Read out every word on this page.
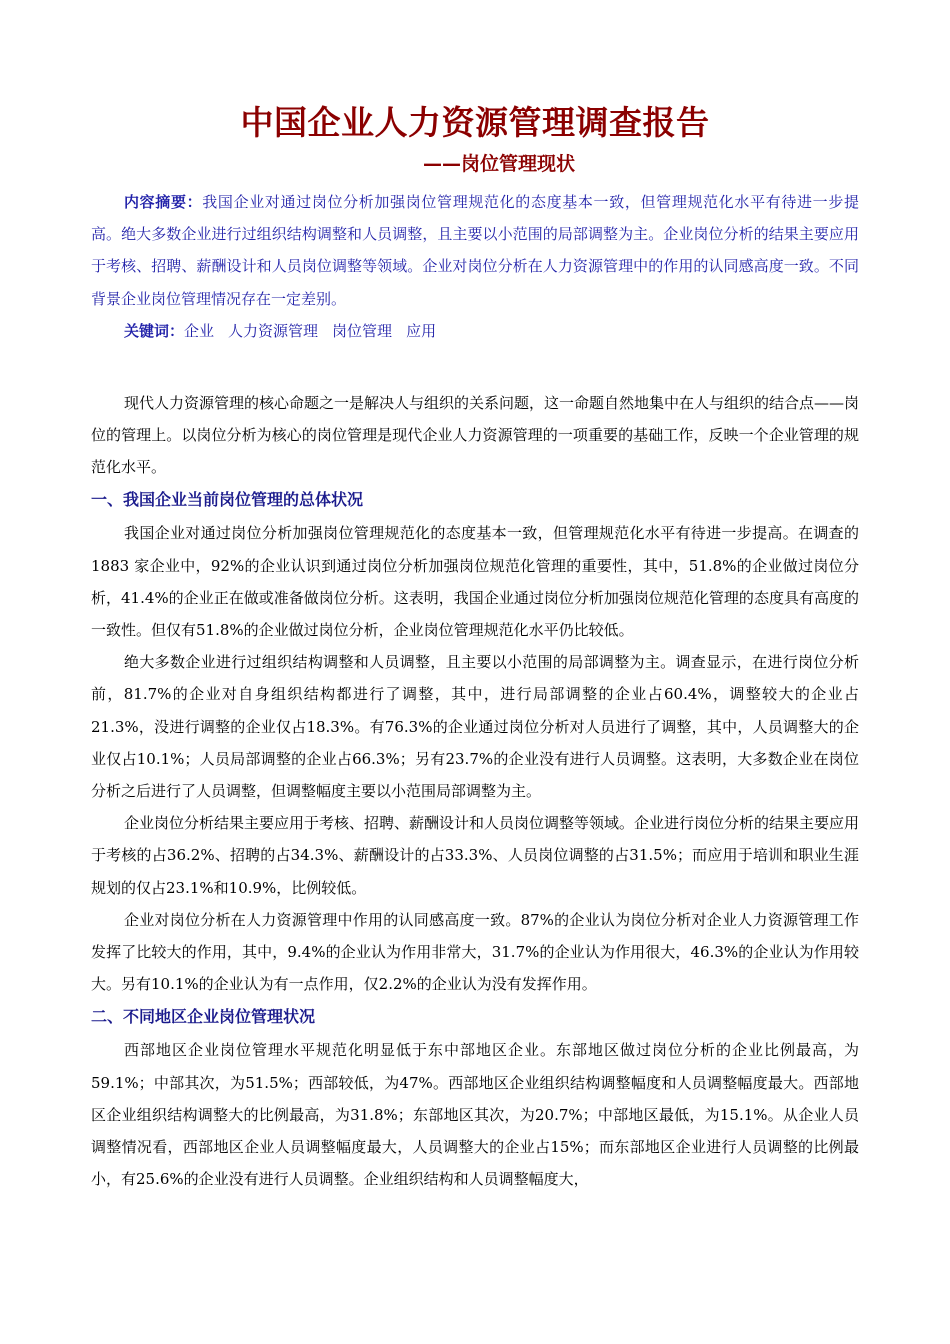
中国企业人力资源管理调查报告
——岗位管理现状

内容摘要：我国企业对通过岗位分析加强岗位管理规范化的态度基本一致，但管理规范化水平有待进一步提高。绝大多数企业进行过组织结构调整和人员调整，且主要以小范围的局部调整为主。企业岗位分析的结果主要应用于考核、招聘、薪酬设计和人员岗位调整等领域。企业对岗位分析在人力资源管理中的作用的认同感高度一致。不同背景企业岗位管理情况存在一定差别。

关键词：企业 人力资源管理 岗位管理 应用

现代人力资源管理的核心命题之一是解决人与组织的关系问题，这一命题自然地集中在人与组织的结合点——岗位的管理上。以岗位分析为核心的岗位管理是现代企业人力资源管理的一项重要的基础工作，反映一个企业管理的规范化水平。

一、我国企业当前岗位管理的总体状况

我国企业对通过岗位分析加强岗位管理规范化的态度基本一致，但管理规范化水平有待进一步提高。在调查的1883 家企业中，92%的企业认识到通过岗位分析加强岗位规范化管理的重要性，其中，51.8%的企业做过岗位分析，41.4%的企业正在做或准备做岗位分析。这表明，我国企业通过岗位分析加强岗位规范化管理的态度具有高度的一致性。但仅有51.8%的企业做过岗位分析，企业岗位管理规范化水平仍比较低。

绝大多数企业进行过组织结构调整和人员调整，且主要以小范围的局部调整为主。调查显示，在进行岗位分析前，81.7%的企业对自身组织结构都进行了调整，其中，进行局部调整的企业占60.4%，调整较大的企业占21.3%，没进行调整的企业仅占18.3%。有76.3%的企业通过岗位分析对人员进行了调整，其中，人员调整大的企业仅占10.1%；人员局部调整的企业占66.3%；另有23.7%的企业没有进行人员调整。这表明，大多数企业在岗位分析之后进行了人员调整，但调整幅度主要以小范围局部调整为主。

企业岗位分析结果主要应用于考核、招聘、薪酬设计和人员岗位调整等领域。企业进行岗位分析的结果主要应用于考核的占36.2%、招聘的占34.3%、薪酬设计的占33.3%、人员岗位调整的占31.5%；而应用于培训和职业生涯规划的仅占23.1%和10.9%，比例较低。

企业对岗位分析在人力资源管理中作用的认同感高度一致。87%的企业认为岗位分析对企业人力资源管理工作发挥了比较大的作用，其中，9.4%的企业认为作用非常大，31.7%的企业认为作用很大，46.3%的企业认为作用较大。另有10.1%的企业认为有一点作用，仅2.2%的企业认为没有发挥作用。

二、不同地区企业岗位管理状况

西部地区企业岗位管理水平规范化明显低于东中部地区企业。东部地区做过岗位分析的企业比例最高，为59.1%；中部其次，为51.5%；西部较低，为47%。西部地区企业组织结构调整幅度和人员调整幅度最大。西部地区企业组织结构调整大的比例最高，为31.8%；东部地区其次，为20.7%；中部地区最低，为15.1%。从企业人员调整情况看，西部地区企业人员调整幅度最大，人员调整大的企业占15%；而东部地区企业进行人员调整的比例最小，有25.6%的企业没有进行人员调整。企业组织结构和人员调整幅度大，
